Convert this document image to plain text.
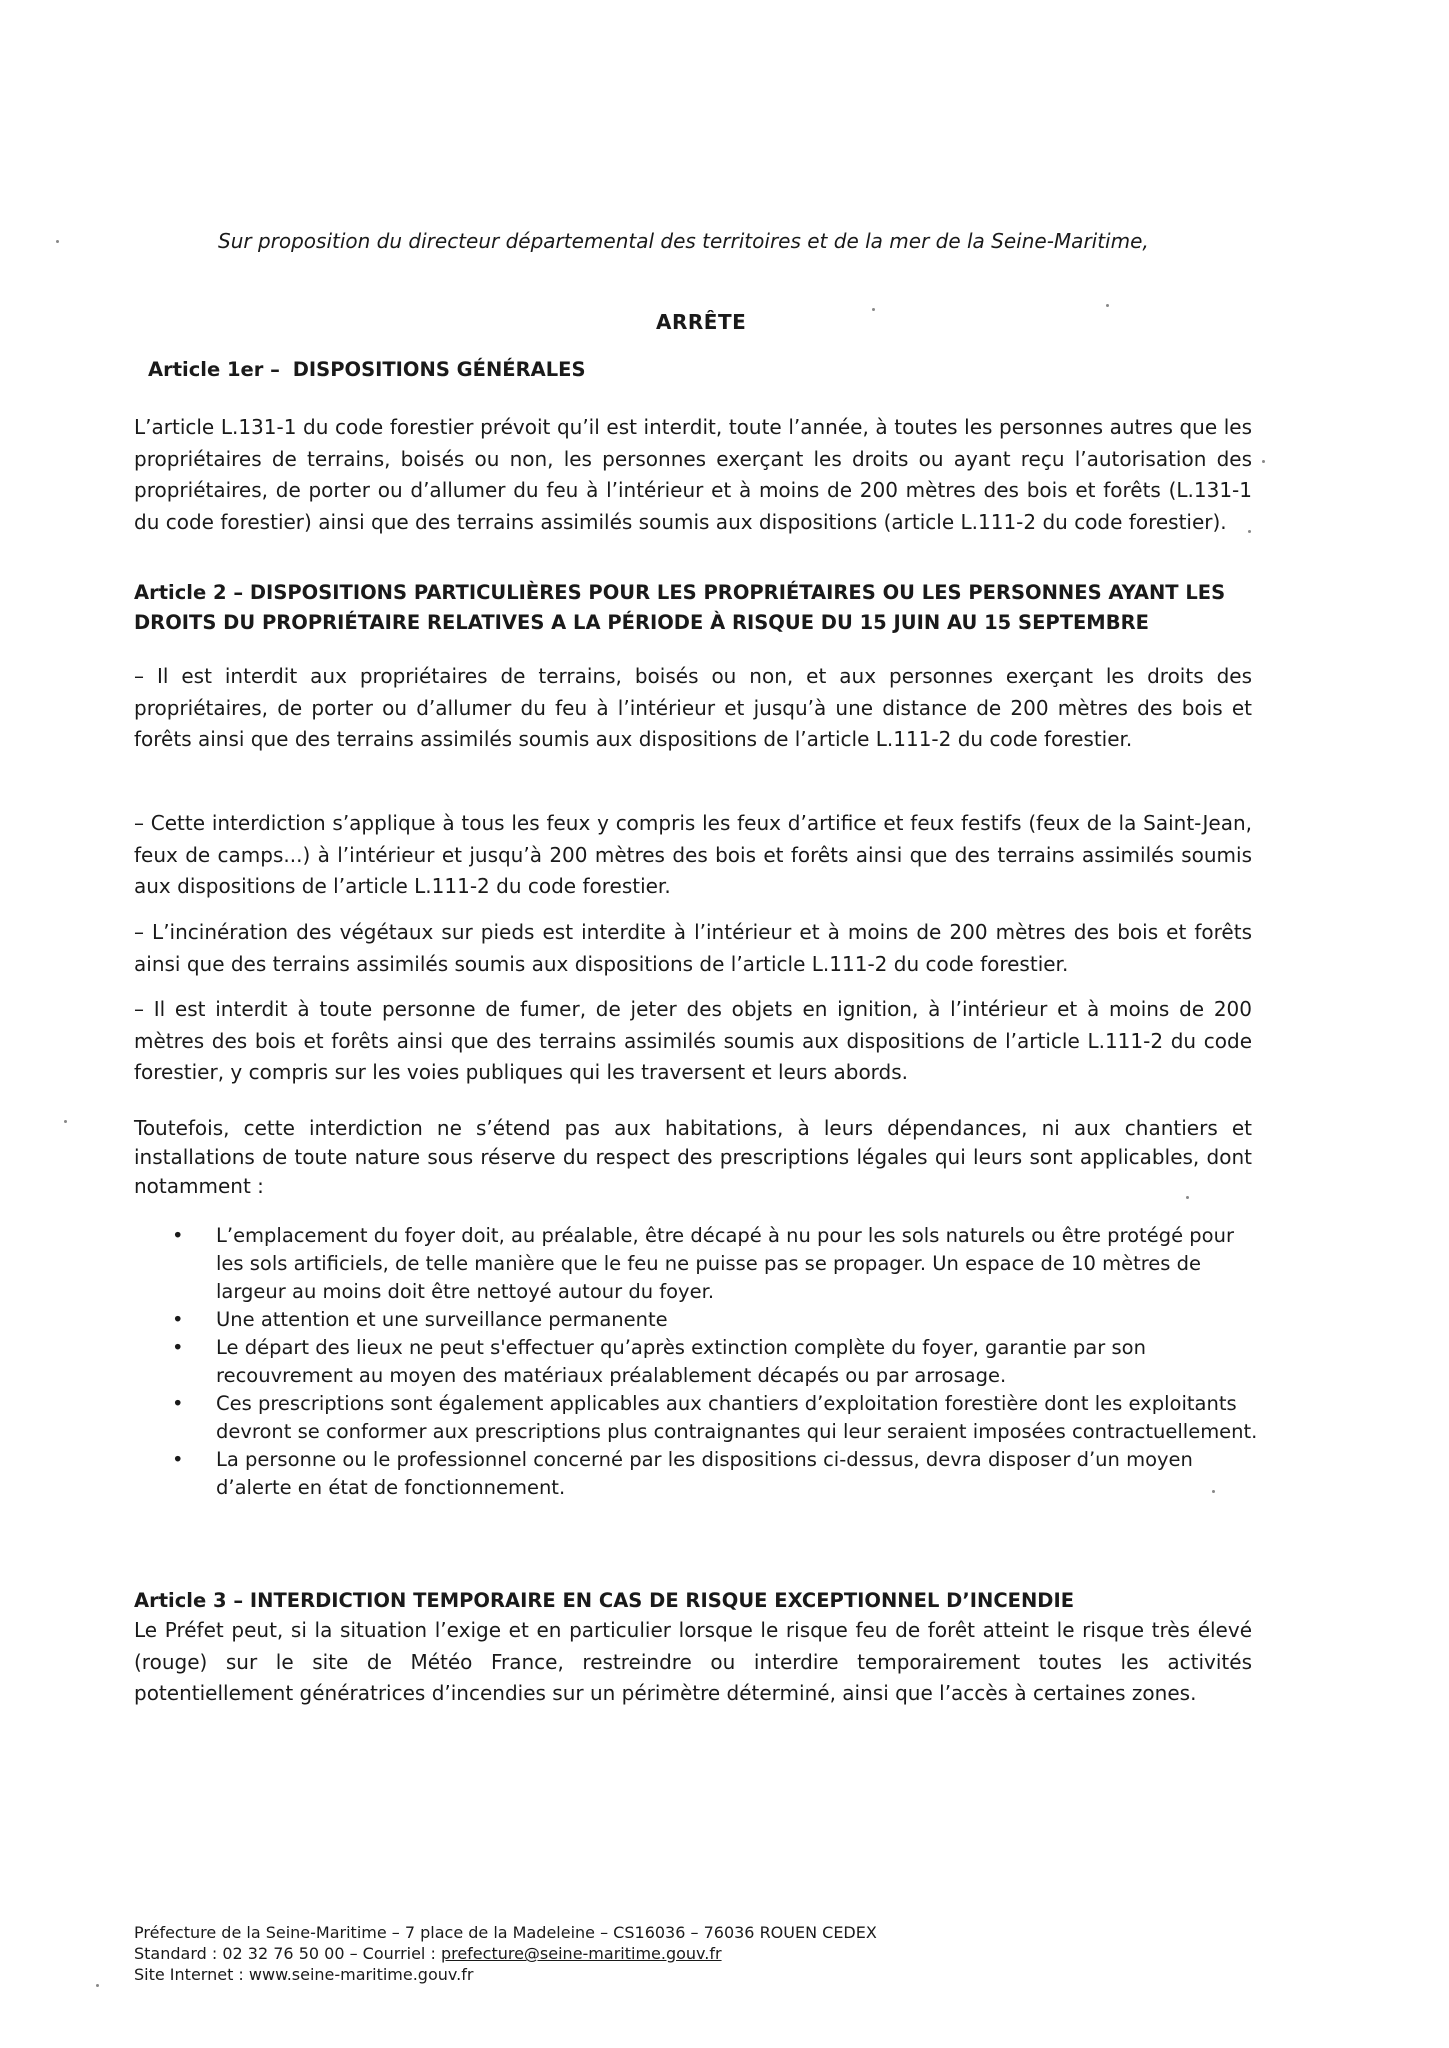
Sur proposition du directeur départemental des territoires et de la mer de la Seine-Maritime,
ARRÊTE
Article 1er – DISPOSITIONS GÉNÉRALES
L’article L.131-1 du code forestier prévoit qu’il est interdit, toute l’année, à toutes les personnes autres que les propriétaires de terrains, boisés ou non, les personnes exerçant les droits ou ayant reçu l’autorisation des propriétaires, de porter ou d’allumer du feu à l’intérieur et à moins de 200 mètres des bois et forêts (L.131-1 du code forestier) ainsi que des terrains assimilés soumis aux dispositions (article L.111-2 du code forestier).
Article 2 – DISPOSITIONS PARTICULIÈRES POUR LES PROPRIÉTAIRES OU LES PERSONNES AYANT LES
DROITS DU PROPRIÉTAIRE RELATIVES A LA PÉRIODE À RISQUE DU 15 JUIN AU 15 SEPTEMBRE
– Il est interdit aux propriétaires de terrains, boisés ou non, et aux personnes exerçant les droits des propriétaires, de porter ou d’allumer du feu à l’intérieur et jusqu’à une distance de 200 mètres des bois et forêts ainsi que des terrains assimilés soumis aux dispositions de l’article L.111-2 du code forestier.
– Cette interdiction s’applique à tous les feux y compris les feux d’artifice et feux festifs (feux de la Saint-Jean, feux de camps...) à l’intérieur et jusqu’à 200 mètres des bois et forêts ainsi que des terrains assimilés soumis aux dispositions de l’article L.111-2 du code forestier.
– L’incinération des végétaux sur pieds est interdite à l’intérieur et à moins de 200 mètres des bois et forêts ainsi que des terrains assimilés soumis aux dispositions de l’article L.111-2 du code forestier.
– Il est interdit à toute personne de fumer, de jeter des objets en ignition, à l’intérieur et à moins de 200 mètres des bois et forêts ainsi que des terrains assimilés soumis aux dispositions de l’article L.111-2 du code forestier, y compris sur les voies publiques qui les traversent et leurs abords.
Toutefois, cette interdiction ne s’étend pas aux habitations, à leurs dépendances, ni aux chantiers et installations de toute nature sous réserve du respect des prescriptions légales qui leurs sont applicables, dont notamment :
• L’emplacement du foyer doit, au préalable, être décapé à nu pour les sols naturels ou être protégé pour les sols artificiels, de telle manière que le feu ne puisse pas se propager. Un espace de 10 mètres de largeur au moins doit être nettoyé autour du foyer.
• Une attention et une surveillance permanente
• Le départ des lieux ne peut s'effectuer qu’après extinction complète du foyer, garantie par son recouvrement au moyen des matériaux préalablement décapés ou par arrosage.
• Ces prescriptions sont également applicables aux chantiers d’exploitation forestière dont les exploitants devront se conformer aux prescriptions plus contraignantes qui leur seraient imposées contractuellement.
• La personne ou le professionnel concerné par les dispositions ci-dessus, devra disposer d’un moyen d’alerte en état de fonctionnement.
Article 3 – INTERDICTION TEMPORAIRE EN CAS DE RISQUE EXCEPTIONNEL D’INCENDIE
Le Préfet peut, si la situation l’exige et en particulier lorsque le risque feu de forêt atteint le risque très élevé (rouge) sur le site de Météo France, restreindre ou interdire temporairement toutes les activités potentiellement génératrices d’incendies sur un périmètre déterminé, ainsi que l’accès à certaines zones.
Préfecture de la Seine-Maritime – 7 place de la Madeleine – CS16036 – 76036 ROUEN CEDEX
Standard : 02 32 76 50 00 – Courriel : prefecture@seine-maritime.gouv.fr
Site Internet : www.seine-maritime.gouv.fr
